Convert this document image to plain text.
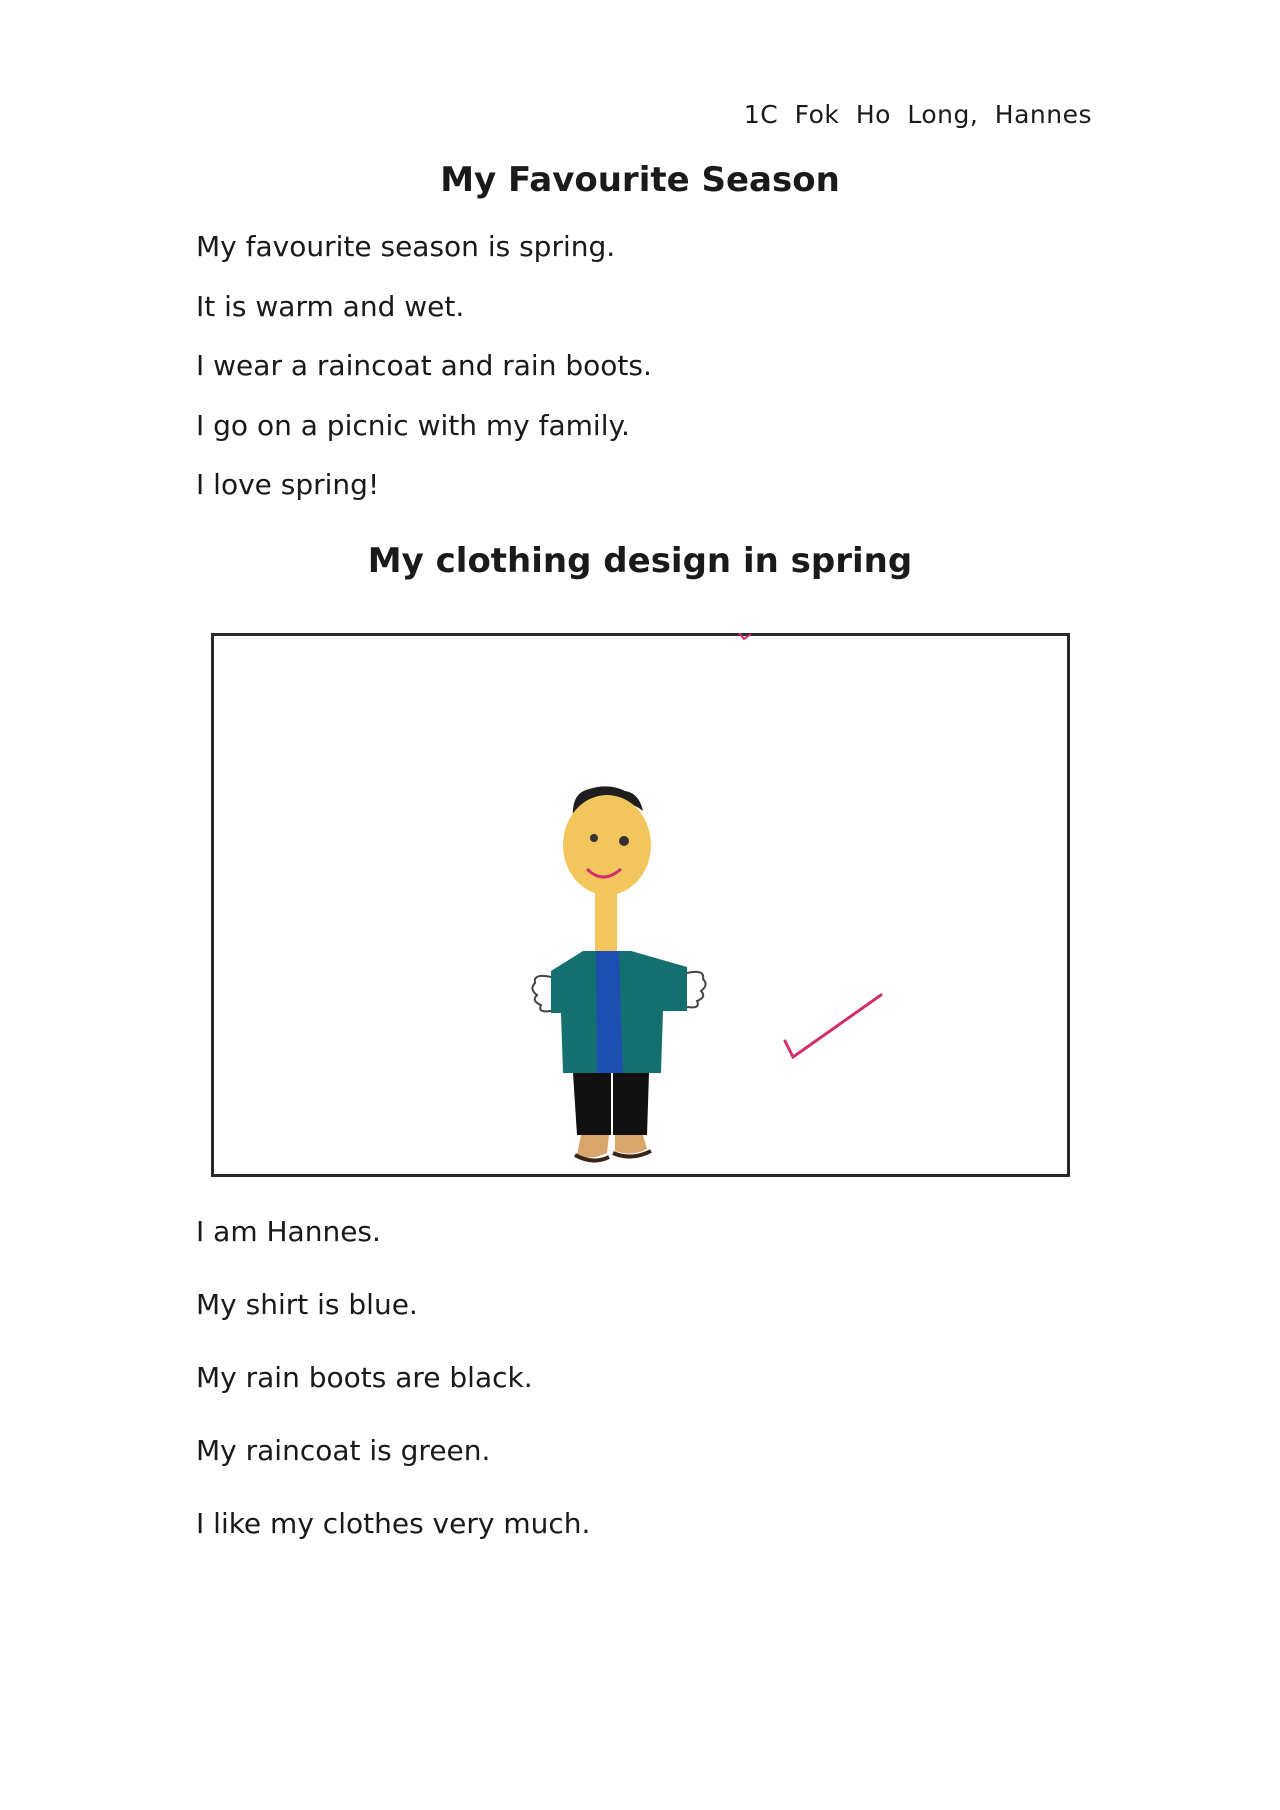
1C Fok Ho Long, Hannes
My Favourite Season

My favourite season is spring.

It is warm and wet.

I wear a raincoat and rain boots.

I go on a picnic with my family.

I love spring!

My clothing design in spring

I am Hannes.

My shirt is blue.

My rain boots are black.

My raincoat is green.

I like my clothes very much.
